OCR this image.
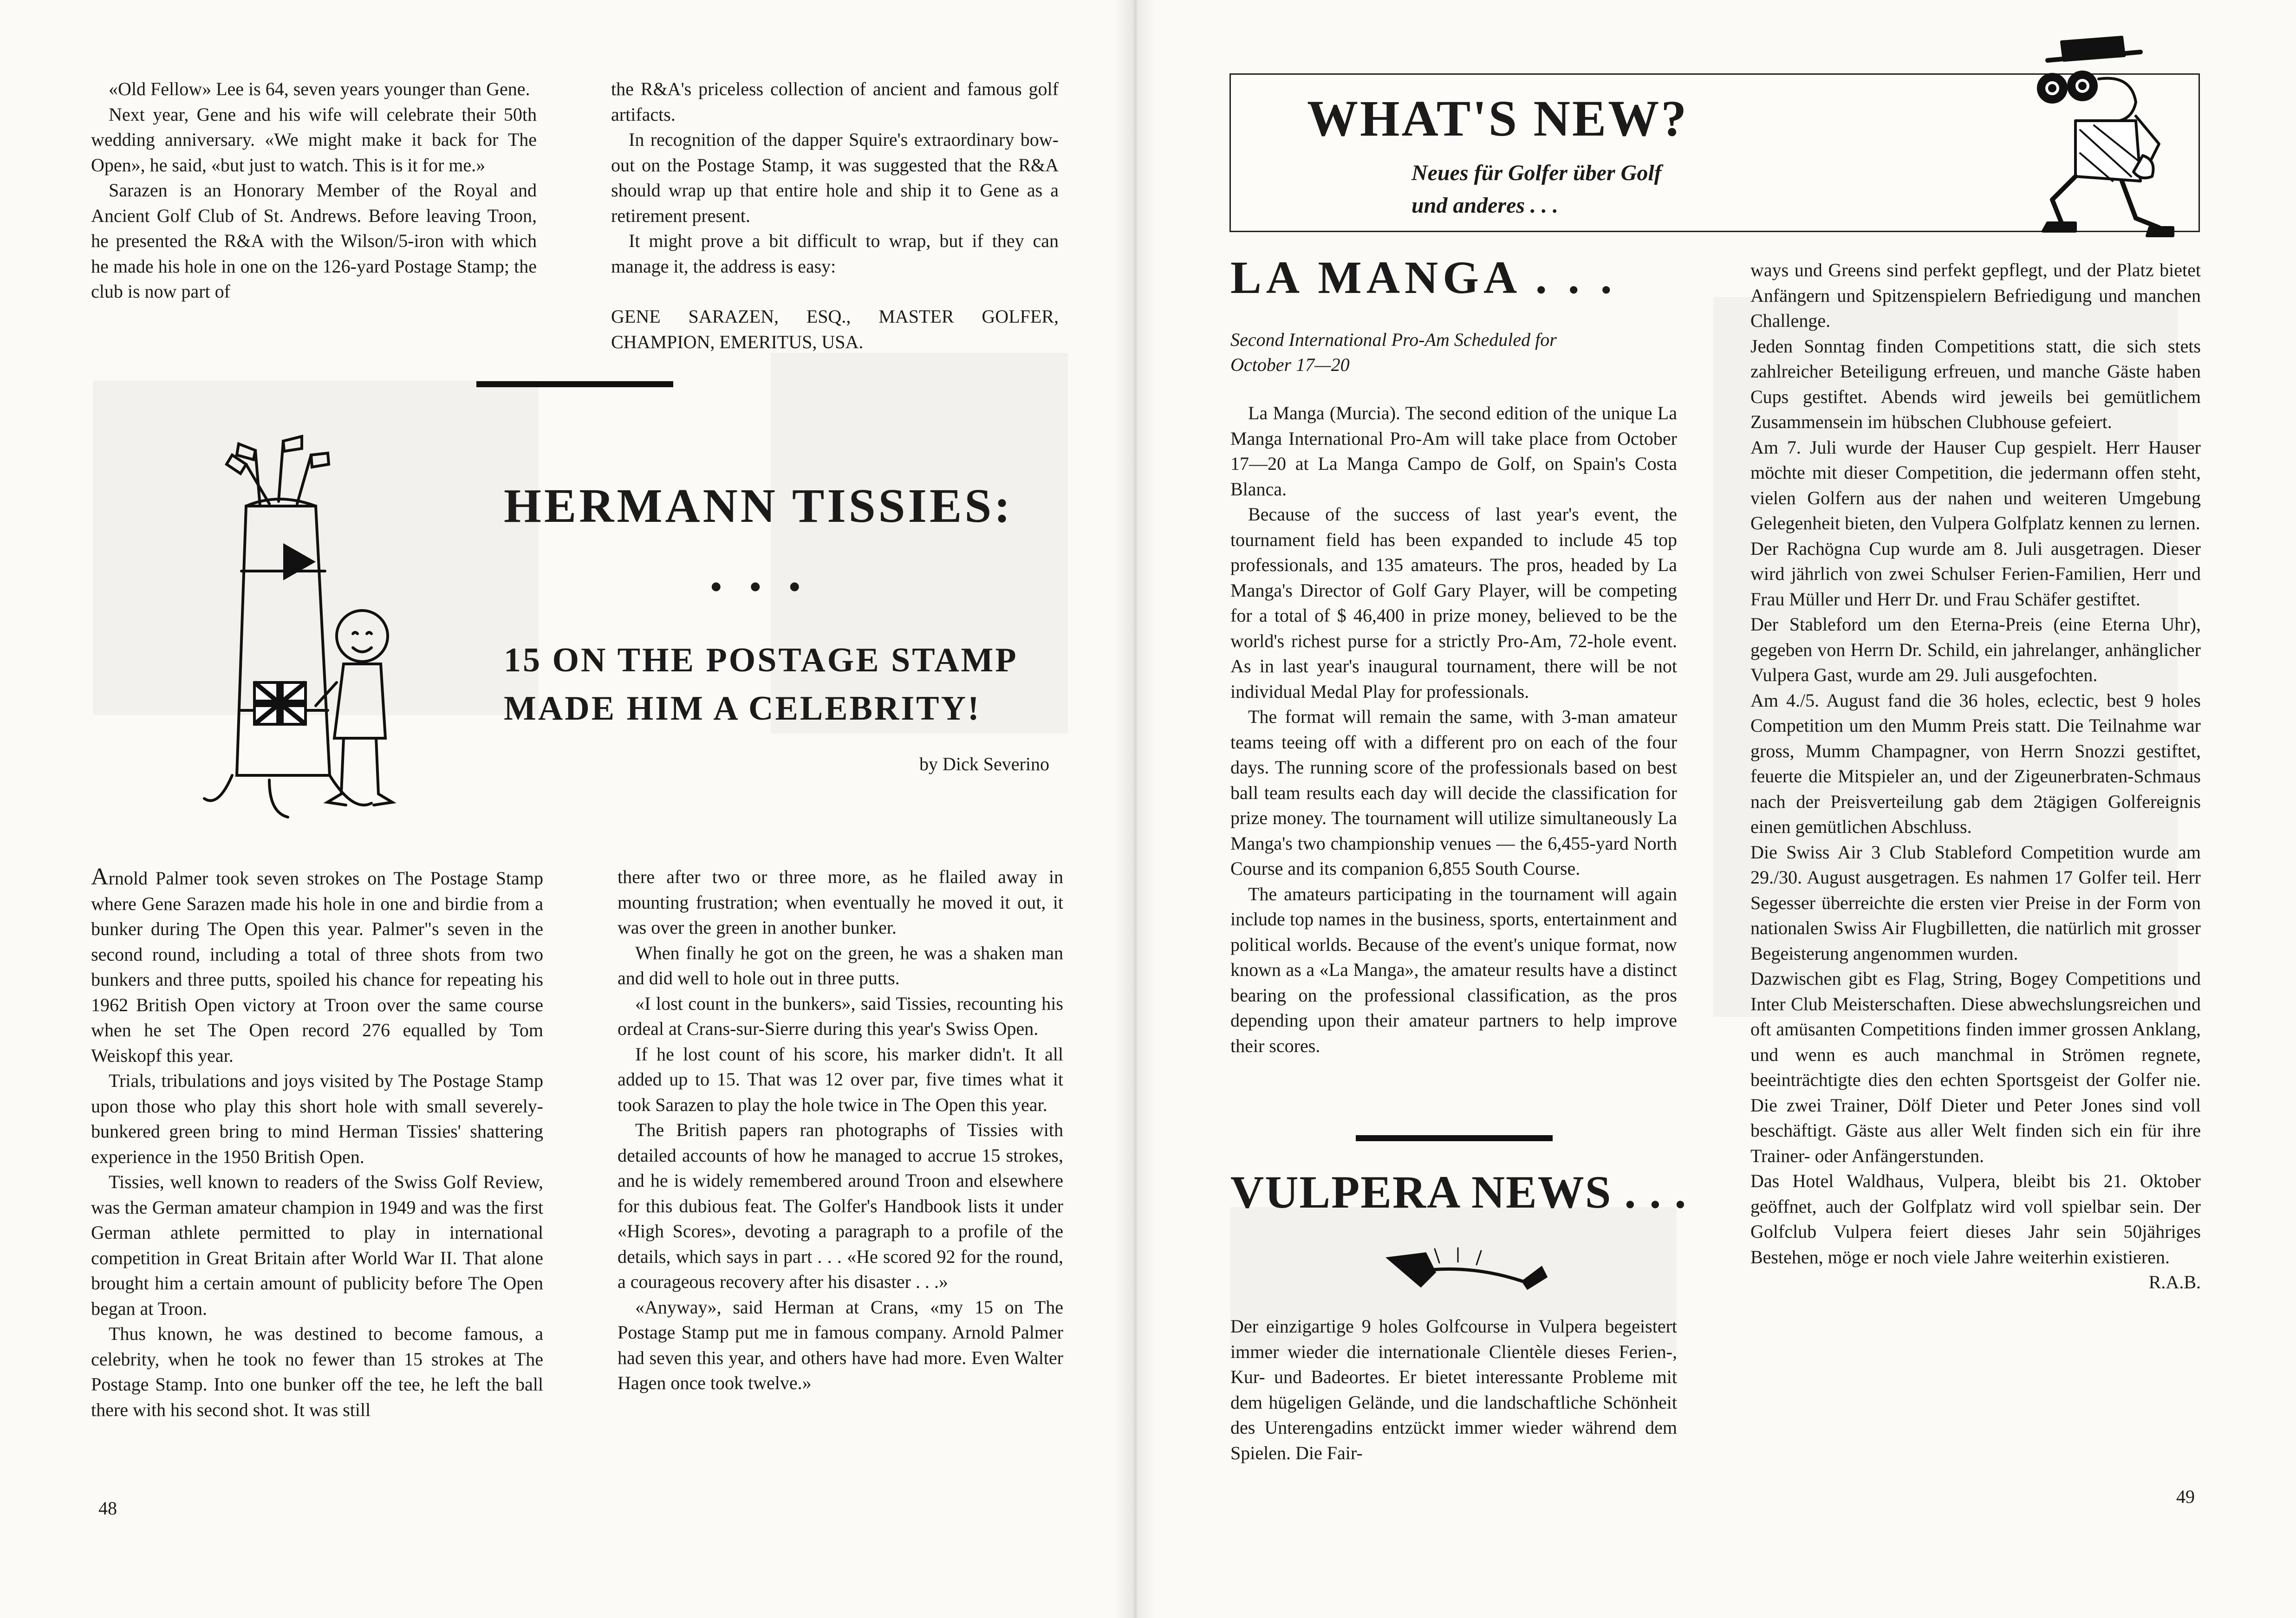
«Old Fellow» Lee is 64, seven years younger than Gene.

Next year, Gene and his wife will celebrate their 50th wedding anniversary. «We might make it back for The Open», he said, «but just to watch. This is it for me.»

Sarazen is an Honorary Member of the Royal and Ancient Golf Club of St. Andrews. Before leaving Troon, he presented the R&A with the Wilson/5-iron with which he made his hole in one on the 126-yard Postage Stamp; the club is now part of

the R&A's priceless collection of ancient and famous golf artifacts.

In recognition of the dapper Squire's extraordinary bow-out on the Postage Stamp, it was suggested that the R&A should wrap up that entire hole and ship it to Gene as a retirement present.

It might prove a bit difficult to wrap, but if they can manage it, the address is easy:

GENE SARAZEN, ESQ., MASTER GOLFER, CHAMPION, EMERITUS, USA.

HERMANN TISSIES:
•••
15 ON THE POSTAGE STAMP MADE HIM A CELEBRITY!
by Dick Severino

Arnold Palmer took seven strokes on The Postage Stamp where Gene Sarazen made his hole in one and birdie from a bunker during The Open this year. Palmer"s seven in the second round, including a total of three shots from two bunkers and three putts, spoiled his chance for repeating his 1962 British Open victory at Troon over the same course when he set The Open record 276 equalled by Tom Weiskopf this year.

Trials, tribulations and joys visited by The Postage Stamp upon those who play this short hole with small severely-bunkered green bring to mind Herman Tissies' shattering experience in the 1950 British Open.

Tissies, well known to readers of the Swiss Golf Review, was the German amateur champion in 1949 and was the first German athlete permitted to play in international competition in Great Britain after World War II. That alone brought him a certain amount of publicity before The Open began at Troon.

Thus known, he was destined to become famous, a celebrity, when he took no fewer than 15 strokes at The Postage Stamp. Into one bunker off the tee, he left the ball there with his second shot. It was still

there after two or three more, as he flailed away in mounting frustration; when eventually he moved it out, it was over the green in another bunker.

When finally he got on the green, he was a shaken man and did well to hole out in three putts.

«I lost count in the bunkers», said Tissies, recounting his ordeal at Crans-sur-Sierre during this year's Swiss Open.

If he lost count of his score, his marker didn't. It all added up to 15. That was 12 over par, five times what it took Sarazen to play the hole twice in The Open this year.

The British papers ran photographs of Tissies with detailed accounts of how he managed to accrue 15 strokes, and he is widely remembered around Troon and elsewhere for this dubious feat. The Golfer's Handbook lists it under «High Scores», devoting a paragraph to a profile of the details, which says in part . . . «He scored 92 for the round, a courageous recovery after his disaster . . .»

«Anyway», said Herman at Crans, «my 15 on The Postage Stamp put me in famous company. Arnold Palmer had seven this year, and others have had more. Even Walter Hagen once took twelve.»

48
WHAT'S NEW?
Neues für Golfer über Golf
und anderes . . .
LA MANGA . . .
Second International Pro-Am Scheduled for October 17—20

La Manga (Murcia). The second edition of the unique La Manga International Pro-Am will take place from October 17—20 at La Manga Campo de Golf, on Spain's Costa Blanca.

Because of the success of last year's event, the tournament field has been expanded to include 45 top professionals, and 135 amateurs. The pros, headed by La Manga's Director of Golf Gary Player, will be competing for a total of $ 46,400 in prize money, believed to be the world's richest purse for a strictly Pro-Am, 72-hole event. As in last year's inaugural tournament, there will be not individual Medal Play for professionals.

The format will remain the same, with 3-man amateur teams teeing off with a different pro on each of the four days. The running score of the professionals based on best ball team results each day will decide the classification for prize money. The tournament will utilize simultaneously La Manga's two championship venues — the 6,455-yard North Course and its companion 6,855 South Course.

The amateurs participating in the tournament will again include top names in the business, sports, entertainment and political worlds. Because of the event's unique format, now known as a «La Manga», the amateur results have a distinct bearing on the professional classification, as the pros depending upon their amateur partners to help improve their scores.

VULPERA NEWS . . .

Der einzigartige 9 holes Golfcourse in Vulpera begeistert immer wieder die internationale Clientèle dieses Ferien-, Kur- und Badeortes. Er bietet interessante Probleme mit dem hügeligen Gelände, und die landschaftliche Schönheit des Unterengadins entzückt immer wieder während dem Spielen. Die Fair-

ways und Greens sind perfekt gepflegt, und der Platz bietet Anfängern und Spitzenspielern Befriedigung und manchen Challenge.

Jeden Sonntag finden Competitions statt, die sich stets zahlreicher Beteiligung erfreuen, und manche Gäste haben Cups gestiftet. Abends wird jeweils bei gemütlichem Zusammensein im hübschen Clubhouse gefeiert.

Am 7. Juli wurde der Hauser Cup gespielt. Herr Hauser möchte mit dieser Competition, die jedermann offen steht, vielen Golfern aus der nahen und weiteren Umgebung Gelegenheit bieten, den Vulpera Golfplatz kennen zu lernen.

Der Rachögna Cup wurde am 8. Juli ausgetragen. Dieser wird jährlich von zwei Schulser Ferien-Familien, Herr und Frau Müller und Herr Dr. und Frau Schäfer gestiftet.

Der Stableford um den Eterna-Preis (eine Eterna Uhr), gegeben von Herrn Dr. Schild, ein jahrelanger, anhänglicher Vulpera Gast, wurde am 29. Juli ausgefochten.

Am 4./5. August fand die 36 holes, eclectic, best 9 holes Competition um den Mumm Preis statt. Die Teilnahme war gross, Mumm Champagner, von Herrn Snozzi gestiftet, feuerte die Mitspieler an, und der Zigeunerbraten-Schmaus nach der Preisverteilung gab dem 2tägigen Golfereignis einen gemütlichen Abschluss.

Die Swiss Air 3 Club Stableford Competition wurde am 29./30. August ausgetragen. Es nahmen 17 Golfer teil. Herr Segesser überreichte die ersten vier Preise in der Form von nationalen Swiss Air Flugbilletten, die natürlich mit grosser Begeisterung angenommen wurden.

Dazwischen gibt es Flag, String, Bogey Competitions und Inter Club Meisterschaften. Diese abwechslungsreichen und oft amüsanten Competitions finden immer grossen Anklang, und wenn es auch manchmal in Strömen regnete, beeinträchtigte dies den echten Sportsgeist der Golfer nie. Die zwei Trainer, Dölf Dieter und Peter Jones sind voll beschäftigt. Gäste aus aller Welt finden sich ein für ihre Trainer- oder Anfängerstunden.

Das Hotel Waldhaus, Vulpera, bleibt bis 21. Oktober geöffnet, auch der Golfplatz wird voll spielbar sein. Der Golfclub Vulpera feiert dieses Jahr sein 50jähriges Bestehen, möge er noch viele Jahre weiterhin existieren.

R.A.B.

49
